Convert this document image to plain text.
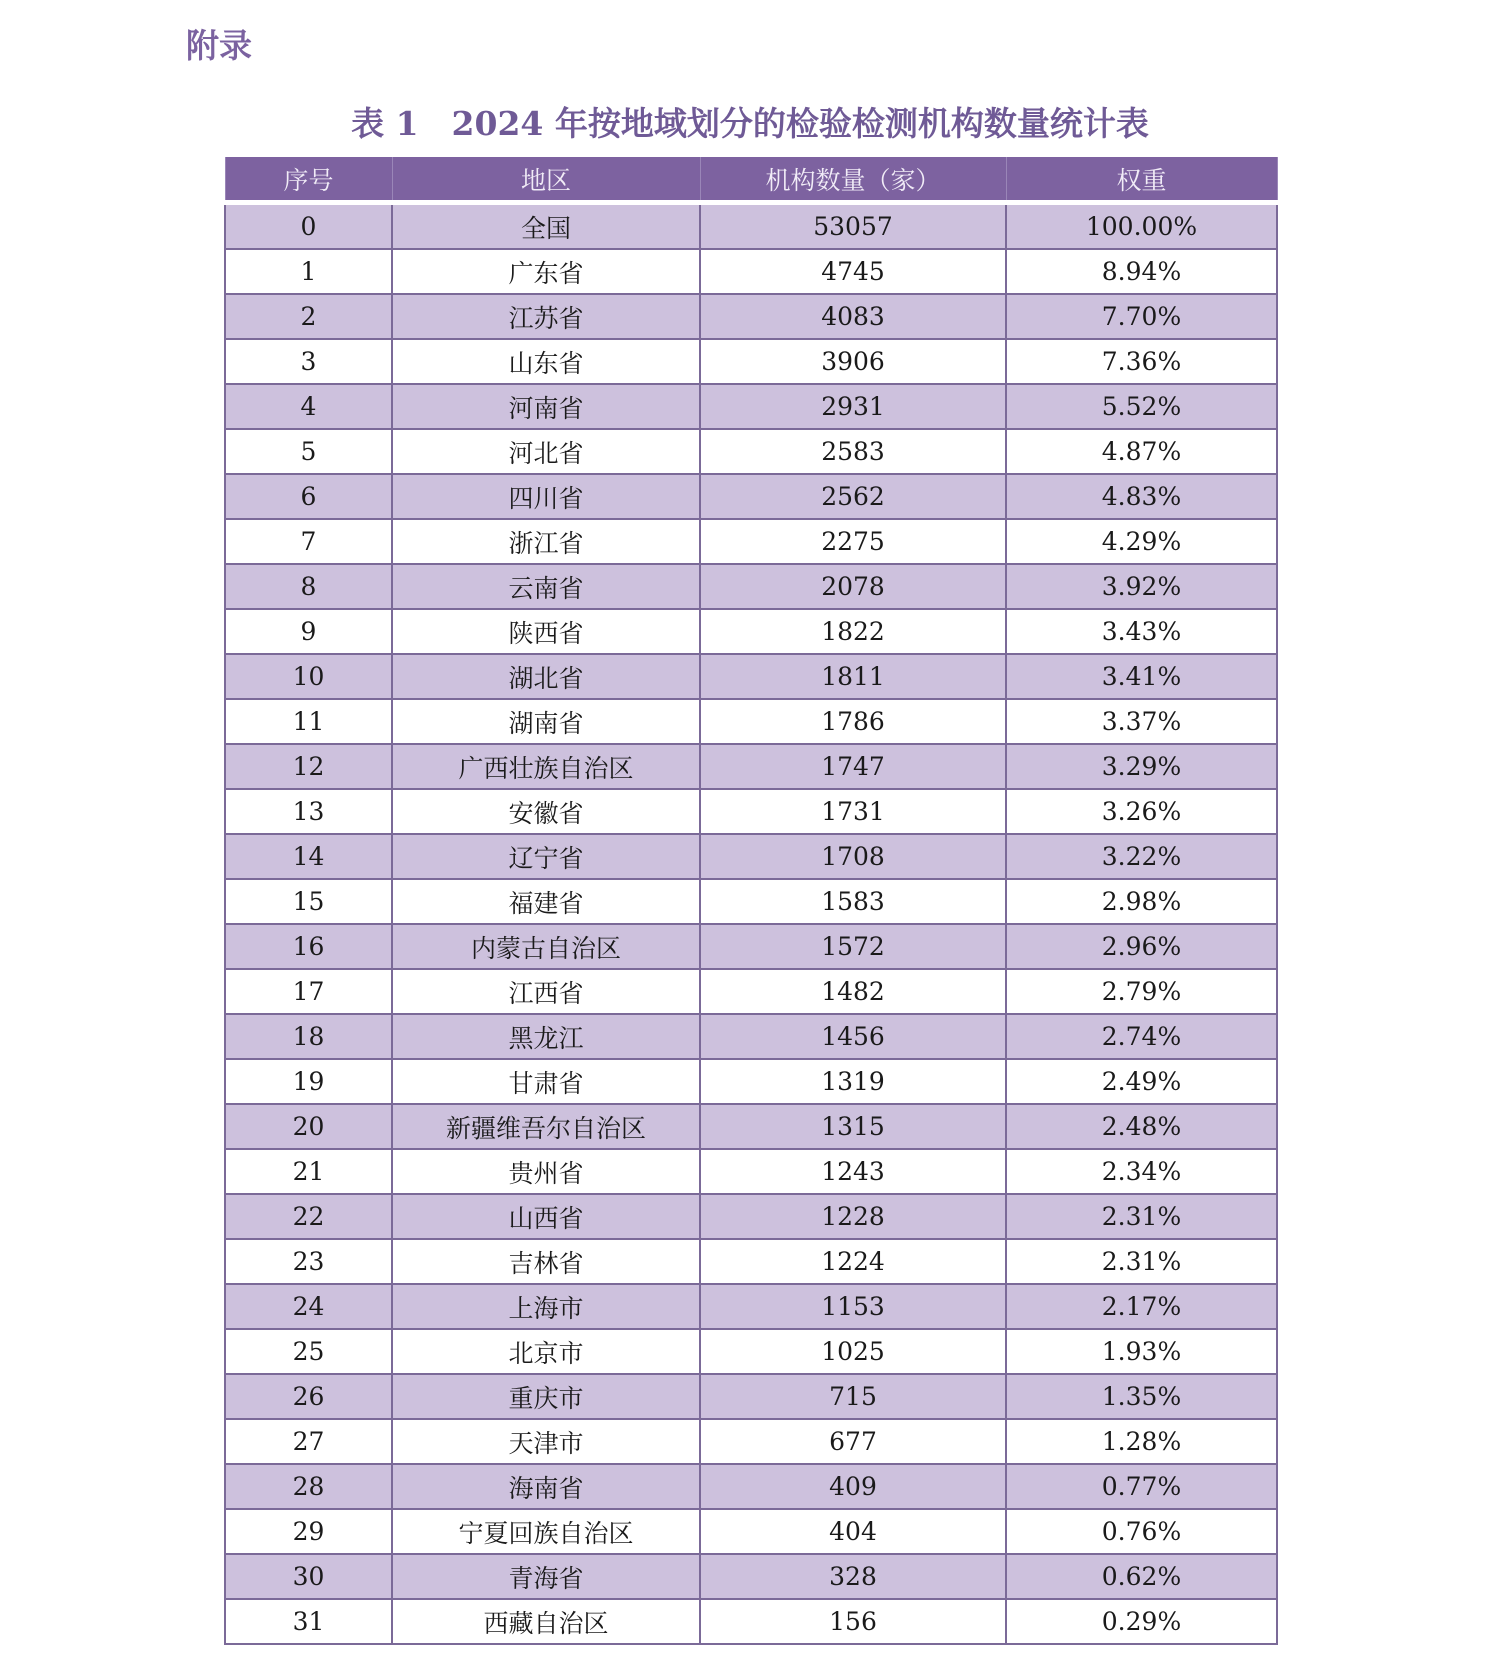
附录
表 1　2024 年按地域划分的检验检测机构数量统计表
序号	地区	机构数量（家）	权重
0	全国	53057	100.00%
1	广东省	4745	8.94%
2	江苏省	4083	7.70%
3	山东省	3906	7.36%
4	河南省	2931	5.52%
5	河北省	2583	4.87%
6	四川省	2562	4.83%
7	浙江省	2275	4.29%
8	云南省	2078	3.92%
9	陕西省	1822	3.43%
10	湖北省	1811	3.41%
11	湖南省	1786	3.37%
12	广西壮族自治区	1747	3.29%
13	安徽省	1731	3.26%
14	辽宁省	1708	3.22%
15	福建省	1583	2.98%
16	内蒙古自治区	1572	2.96%
17	江西省	1482	2.79%
18	黑龙江	1456	2.74%
19	甘肃省	1319	2.49%
20	新疆维吾尔自治区	1315	2.48%
21	贵州省	1243	2.34%
22	山西省	1228	2.31%
23	吉林省	1224	2.31%
24	上海市	1153	2.17%
25	北京市	1025	1.93%
26	重庆市	715	1.35%
27	天津市	677	1.28%
28	海南省	409	0.77%
29	宁夏回族自治区	404	0.76%
30	青海省	328	0.62%
31	西藏自治区	156	0.29%
